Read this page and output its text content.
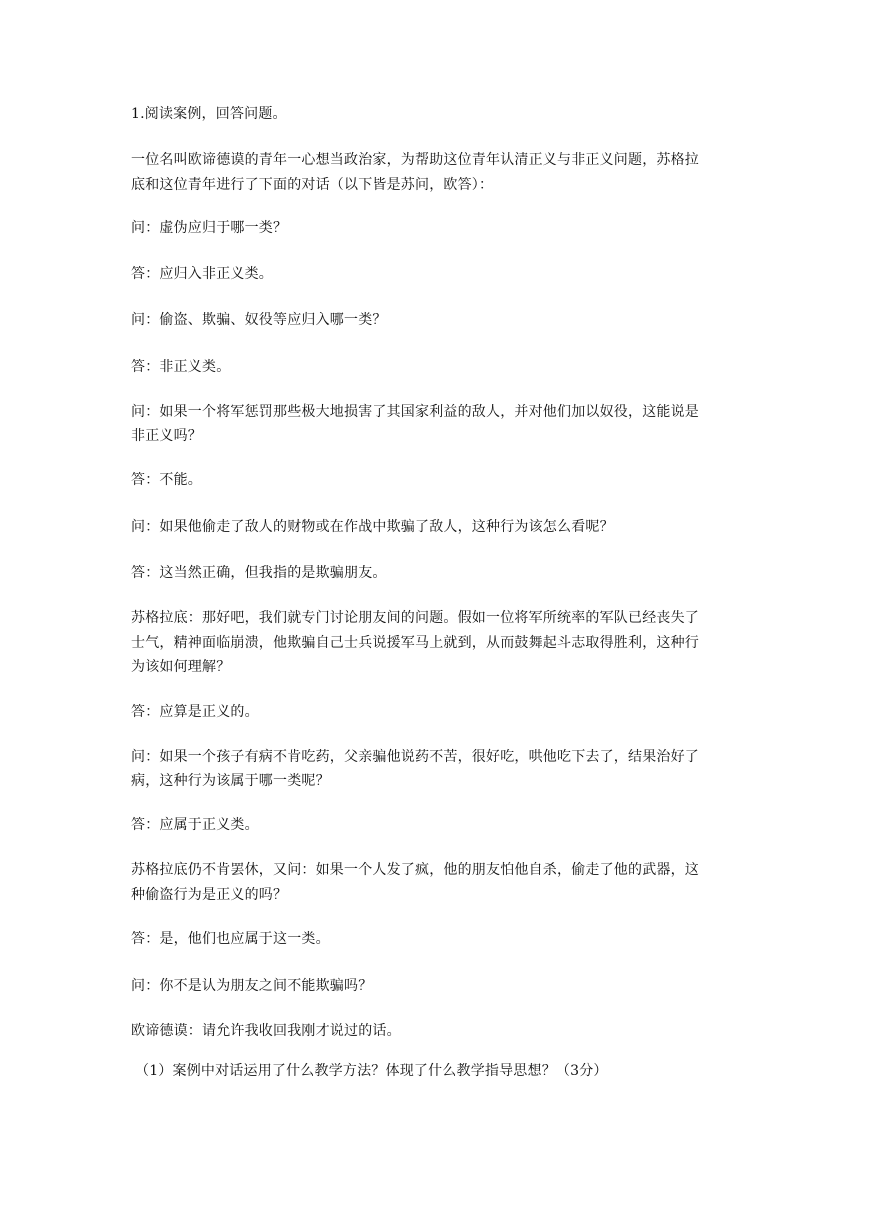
1.阅读案例，回答问题。
一位名叫欧谛德谟的青年一心想当政治家，为帮助这位青年认清正义与非正义问题，苏格拉
底和这位青年进行了下面的对话（以下皆是苏问，欧答）：
问：虚伪应归于哪一类？
答：应归入非正义类。
问：偷盗、欺骗、奴役等应归入哪一类？
答：非正义类。
问：如果一个将军惩罚那些极大地损害了其国家利益的敌人，并对他们加以奴役，这能说是
非正义吗？
答：不能。
问：如果他偷走了敌人的财物或在作战中欺骗了敌人，这种行为该怎么看呢？
答：这当然正确，但我指的是欺骗朋友。
苏格拉底：那好吧，我们就专门讨论朋友间的问题。假如一位将军所统率的军队已经丧失了
士气，精神面临崩溃，他欺骗自己士兵说援军马上就到，从而鼓舞起斗志取得胜利，这种行
为该如何理解？
答：应算是正义的。
问：如果一个孩子有病不肯吃药，父亲骗他说药不苦，很好吃，哄他吃下去了，结果治好了
病，这种行为该属于哪一类呢？
答：应属于正义类。
苏格拉底仍不肯罢休，又问：如果一个人发了疯，他的朋友怕他自杀，偷走了他的武器，这
种偷盗行为是正义的吗？
答：是，他们也应属于这一类。
问：你不是认为朋友之间不能欺骗吗？
欧谛德谟：请允许我收回我刚才说过的话。
（1）案例中对话运用了什么教学方法？体现了什么教学指导思想？（3分）
